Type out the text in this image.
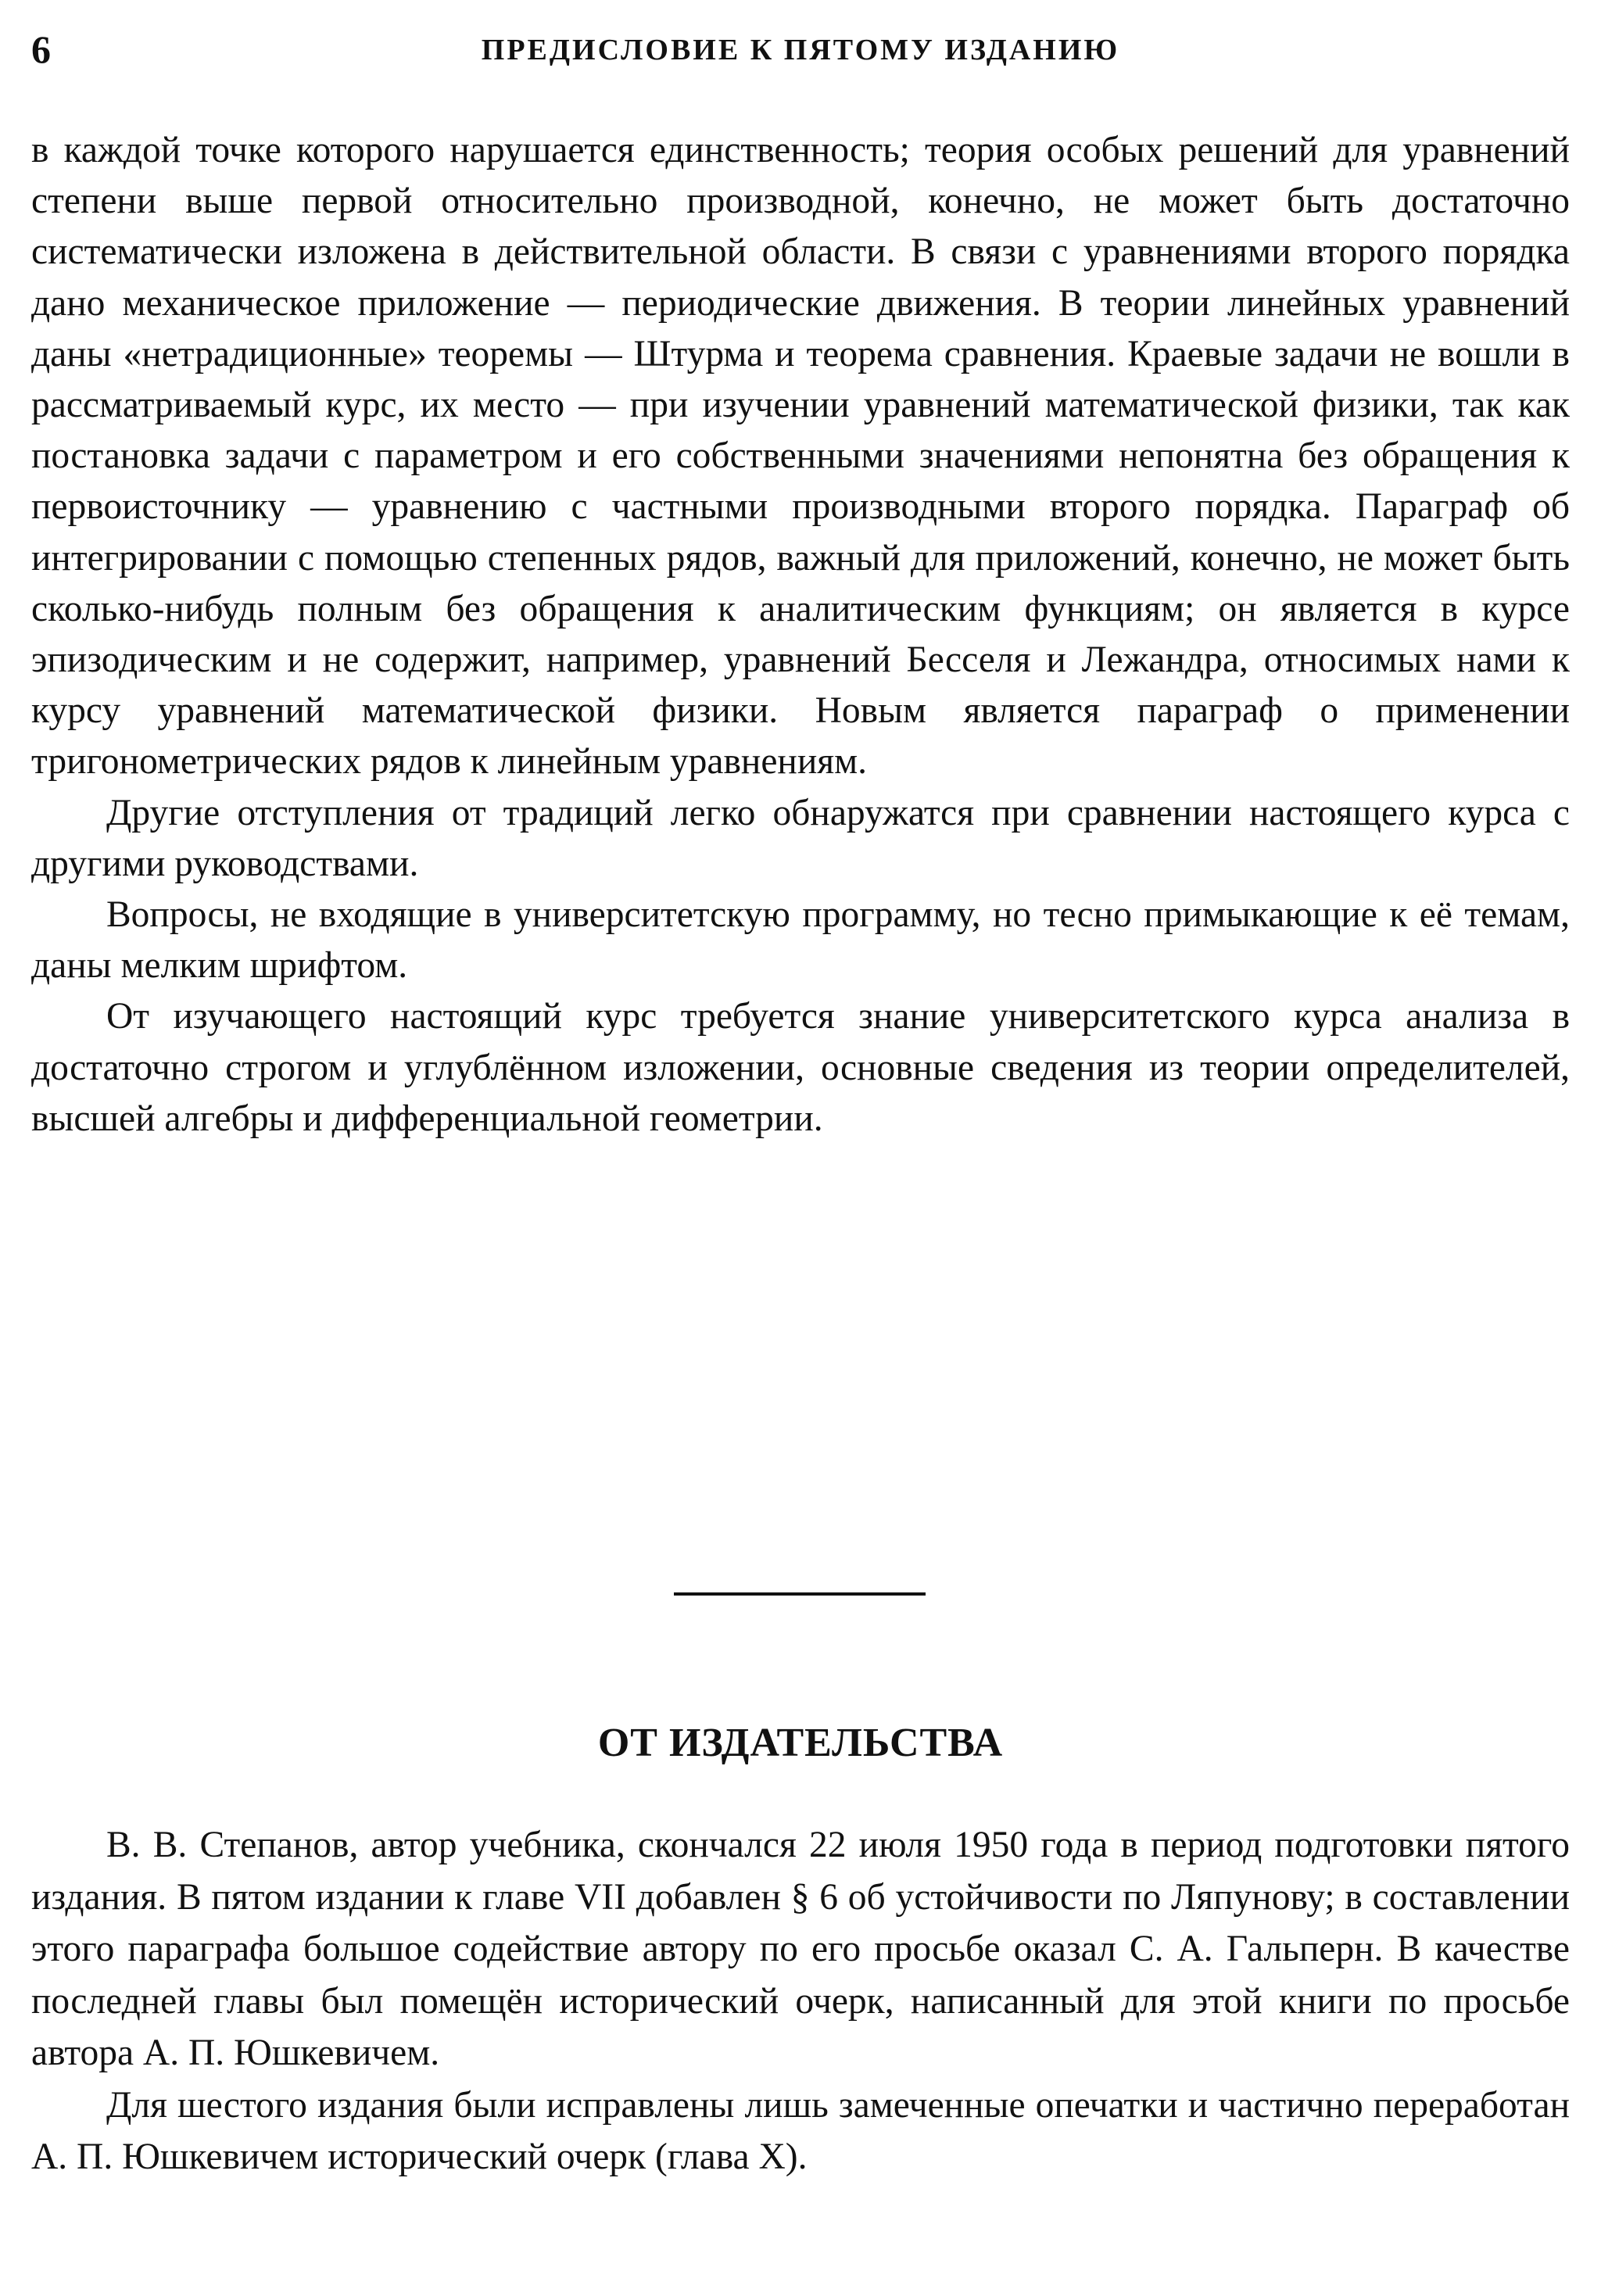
6	ПРЕДИСЛОВИЕ К ПЯТОМУ ИЗДАНИЮ

в каждой точке которого нарушается единственность; теория особых решений для уравнений степени выше первой относительно производной, конечно, не может быть достаточно систематически изложена в действительной области. В связи с уравнениями второго порядка дано механическое приложение — периодические движения. В теории линейных уравнений даны «нетрадиционные» теоремы — Штурма и теорема сравнения. Краевые задачи не вошли в рассматриваемый курс, их место — при изучении уравнений математической физики, так как постановка задачи с параметром и его собственными значениями непонятна без обращения к первоисточнику — уравнению с частными производными второго порядка. Параграф об интегрировании с помощью степенных рядов, важный для приложений, конечно, не может быть сколько-нибудь полным без обращения к аналитическим функциям; он является в курсе эпизодическим и не содержит, например, уравнений Бесселя и Лежандра, относимых нами к курсу уравнений математической физики. Новым является параграф о применении тригонометрических рядов к линейным уравнениям.

Другие отступления от традиций легко обнаружатся при сравнении настоящего курса с другими руководствами.

Вопросы, не входящие в университетскую программу, но тесно примыкающие к её темам, даны мелким шрифтом.

От изучающего настоящий курс требуется знание университетского курса анализа в достаточно строгом и углублённом изложении, основные сведения из теории определителей, высшей алгебры и дифференциальной геометрии.

ОТ ИЗДАТЕЛЬСТВА

В. В. Степанов, автор учебника, скончался 22 июля 1950 года в период подготовки пятого издания. В пятом издании к главе VII добавлен § 6 об устойчивости по Ляпунову; в составлении этого параграфа большое содействие автору по его просьбе оказал С. А. Гальперн. В качестве последней главы был помещён исторический очерк, написанный для этой книги по просьбе автора А. П. Юшкевичем.

Для шестого издания были исправлены лишь замеченные опечатки и частично переработан А. П. Юшкевичем исторический очерк (глава X).
